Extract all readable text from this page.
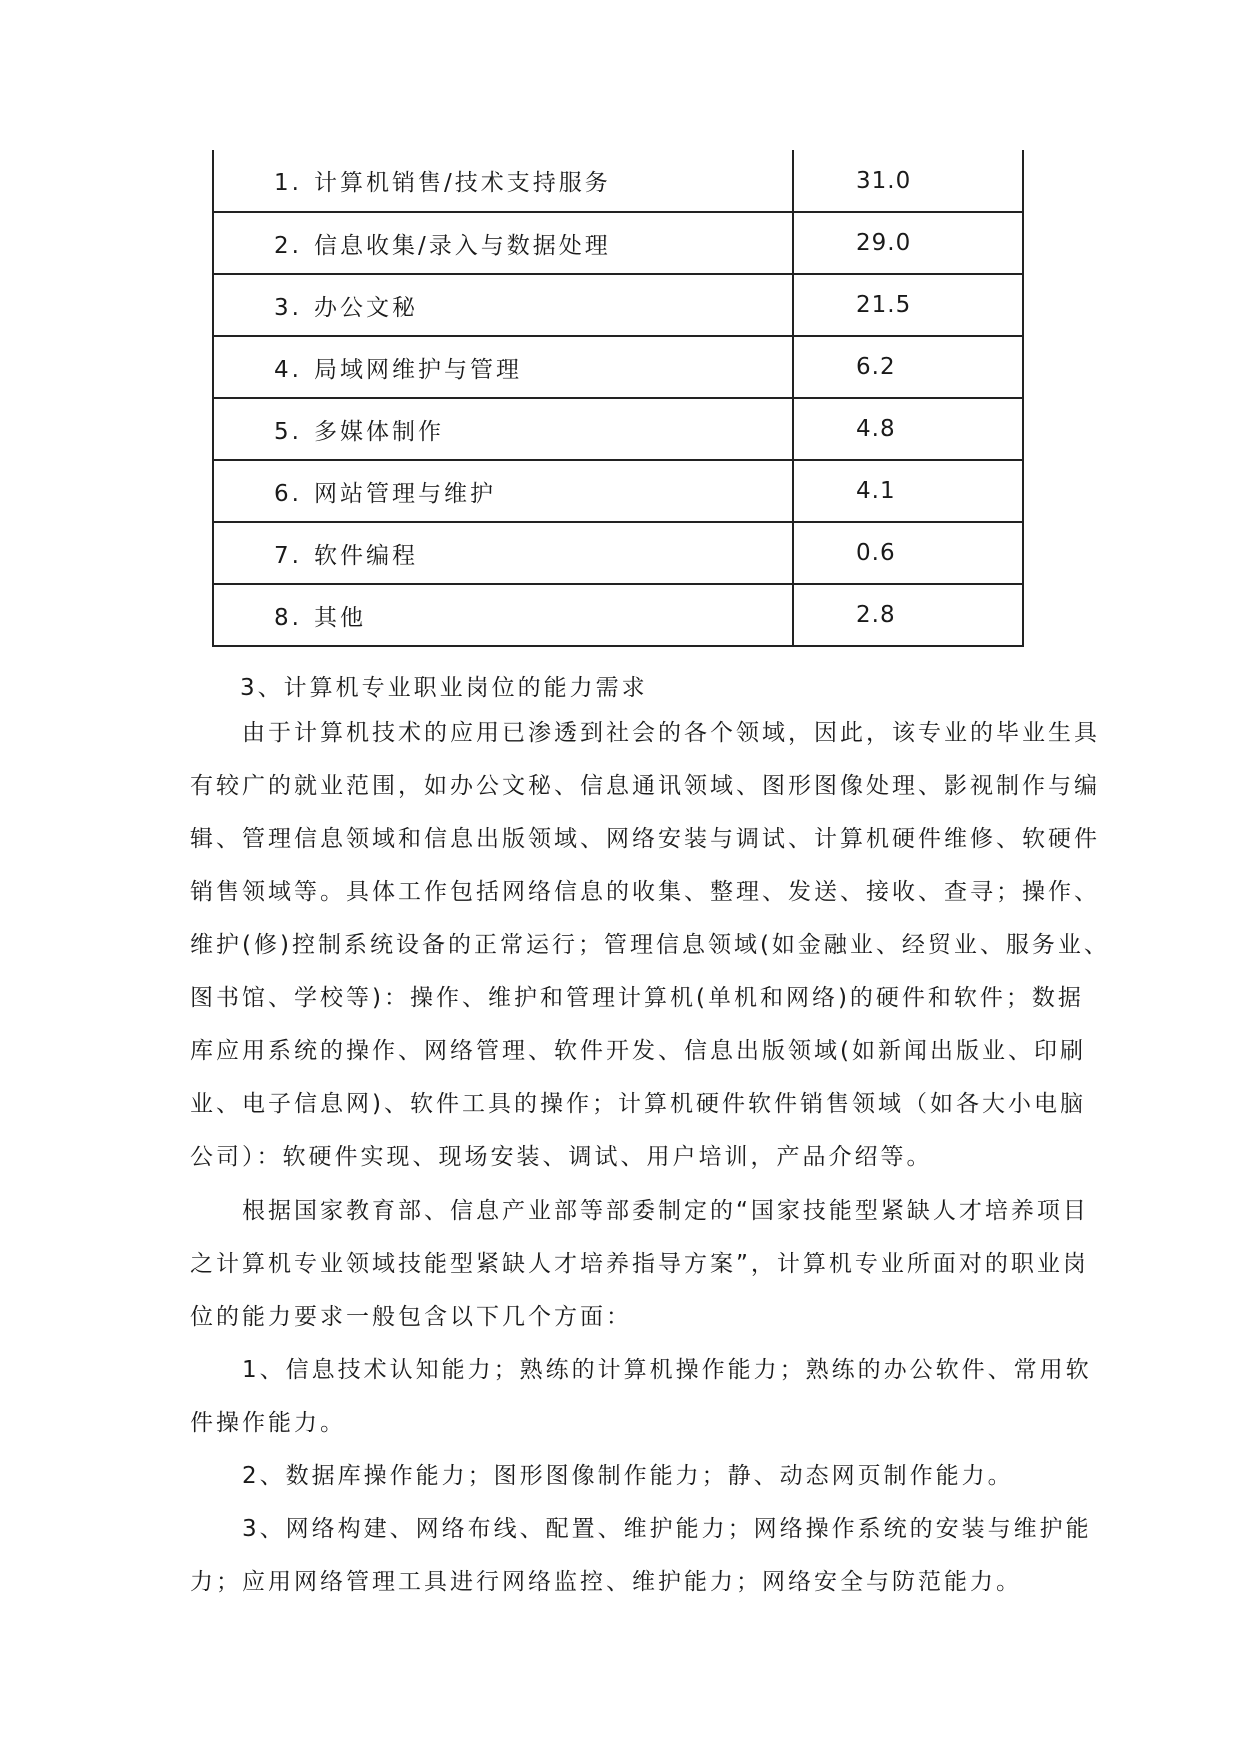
1. 计算机销售/技术支持服务	31.0
2. 信息收集/录入与数据处理	29.0
3. 办公文秘	21.5
4. 局域网维护与管理	6.2
5. 多媒体制作	4.8
6. 网站管理与维护	4.1
7. 软件编程	0.6
8. 其他	2.8
3、计算机专业职业岗位的能力需求
由于计算机技术的应用已渗透到社会的各个领域，因此，该专业的毕业生具
有较广的就业范围，如办公文秘、信息通讯领域、图形图像处理、影视制作与编
辑、管理信息领域和信息出版领域、网络安装与调试、计算机硬件维修、软硬件
销售领域等。具体工作包括网络信息的收集、整理、发送、接收、查寻；操作、
维护(修)控制系统设备的正常运行；管理信息领域(如金融业、经贸业、服务业、
图书馆、学校等)：操作、维护和管理计算机(单机和网络)的硬件和软件；数据
库应用系统的操作、网络管理、软件开发、信息出版领域(如新闻出版业、印刷
业、电子信息网)、软件工具的操作；计算机硬件软件销售领域（如各大小电脑
公司）：软硬件实现、现场安装、调试、用户培训，产品介绍等。
根据国家教育部、信息产业部等部委制定的“国家技能型紧缺人才培养项目
之计算机专业领域技能型紧缺人才培养指导方案”，计算机专业所面对的职业岗
位的能力要求一般包含以下几个方面：
1、信息技术认知能力；熟练的计算机操作能力；熟练的办公软件、常用软
件操作能力。
2、数据库操作能力；图形图像制作能力；静、动态网页制作能力。
3、网络构建、网络布线、配置、维护能力；网络操作系统的安装与维护能
力；应用网络管理工具进行网络监控、维护能力；网络安全与防范能力。
